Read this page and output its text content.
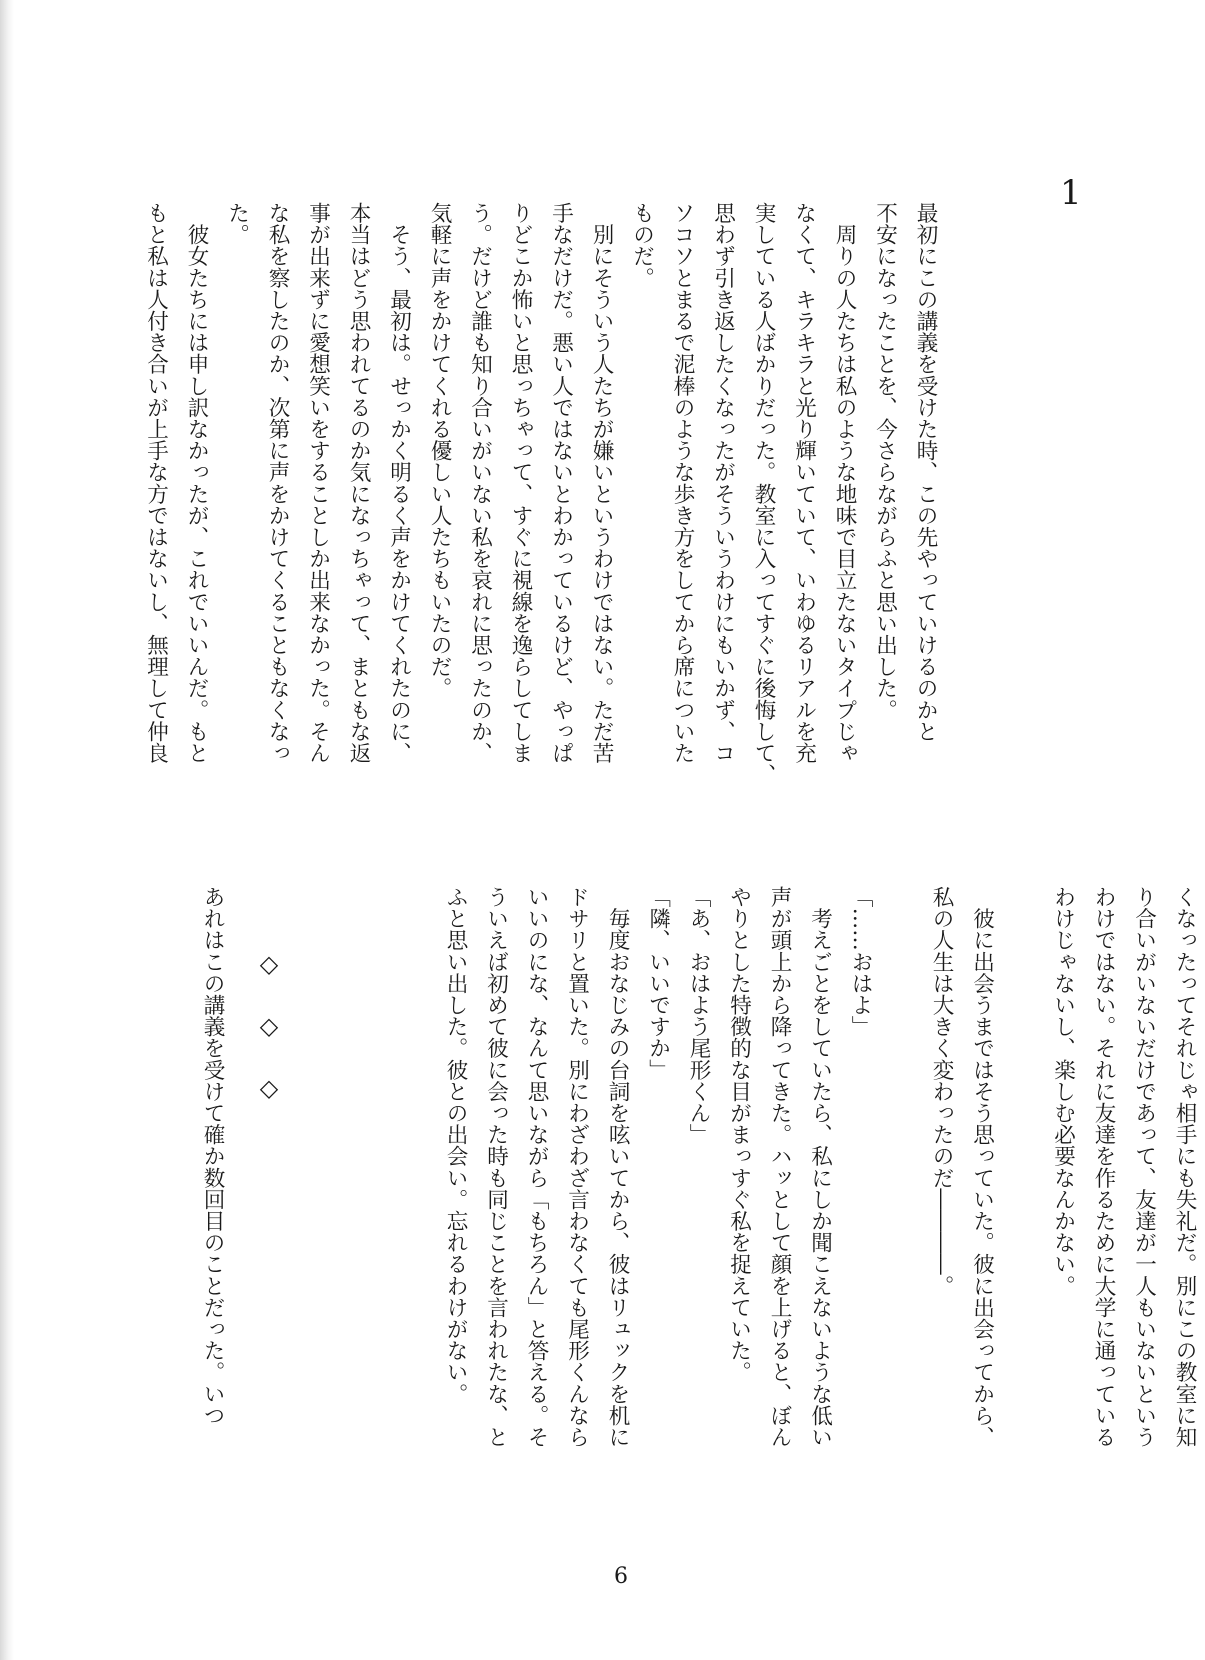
1
最初にこの講義を受けた時、この先やっていけるのかと
不安になったことを、今さらながらふと思い出した。
　周りの人たちは私のような地味で目立たないタイプじゃ
なくて、キラキラと光り輝いていて、いわゆるリアルを充
実している人ばかりだった。教室に入ってすぐに後悔して、
思わず引き返したくなったがそういうわけにもいかず、コ
ソコソとまるで泥棒のような歩き方をしてから席についた
ものだ。
　別にそういう人たちが嫌いというわけではない。ただ苦
手なだけだ。悪い人ではないとわかっているけど、やっぱ
りどこか怖いと思っちゃって、すぐに視線を逸らしてしま
う。だけど誰も知り合いがいない私を哀れに思ったのか、
気軽に声をかけてくれる優しい人たちもいたのだ。
　そう、最初は。せっかく明るく声をかけてくれたのに、
本当はどう思われてるのか気になっちゃって、まともな返
事が出来ずに愛想笑いをすることしか出来なかった。そん
な私を察したのか、次第に声をかけてくることもなくなっ
た。
　彼女たちには申し訳なかったが、これでいいんだ。もと
もと私は人付き合いが上手な方ではないし、無理して仲良
くなったってそれじゃ相手にも失礼だ。別にこの教室に知
り合いがいないだけであって、友達が一人もいないという
わけではない。それに友達を作るために大学に通っている
わけじゃないし、楽しむ必要なんかない。

　彼に出会うまではそう思っていた。彼に出会ってから、
私の人生は大きく変わったのだ――――。

「……おはよ」
　考えごとをしていたら、私にしか聞こえないような低い
声が頭上から降ってきた。ハッとして顔を上げると、ぼん
やりとした特徴的な目がまっすぐ私を捉えていた。
「あ、おはよう尾形くん」
「隣、いいですか」
　毎度おなじみの台詞を呟いてから、彼はリュックを机に
ドサリと置いた。別にわざわざ言わなくても尾形くんなら
いいのにな、なんて思いながら「もちろん」と答える。そ
ういえば初めて彼に会った時も同じことを言われたな、と
ふと思い出した。彼との出会い。忘れるわけがない。

あれはこの講義を受けて確か数回目のことだった。いつ ◇◇◇
6
